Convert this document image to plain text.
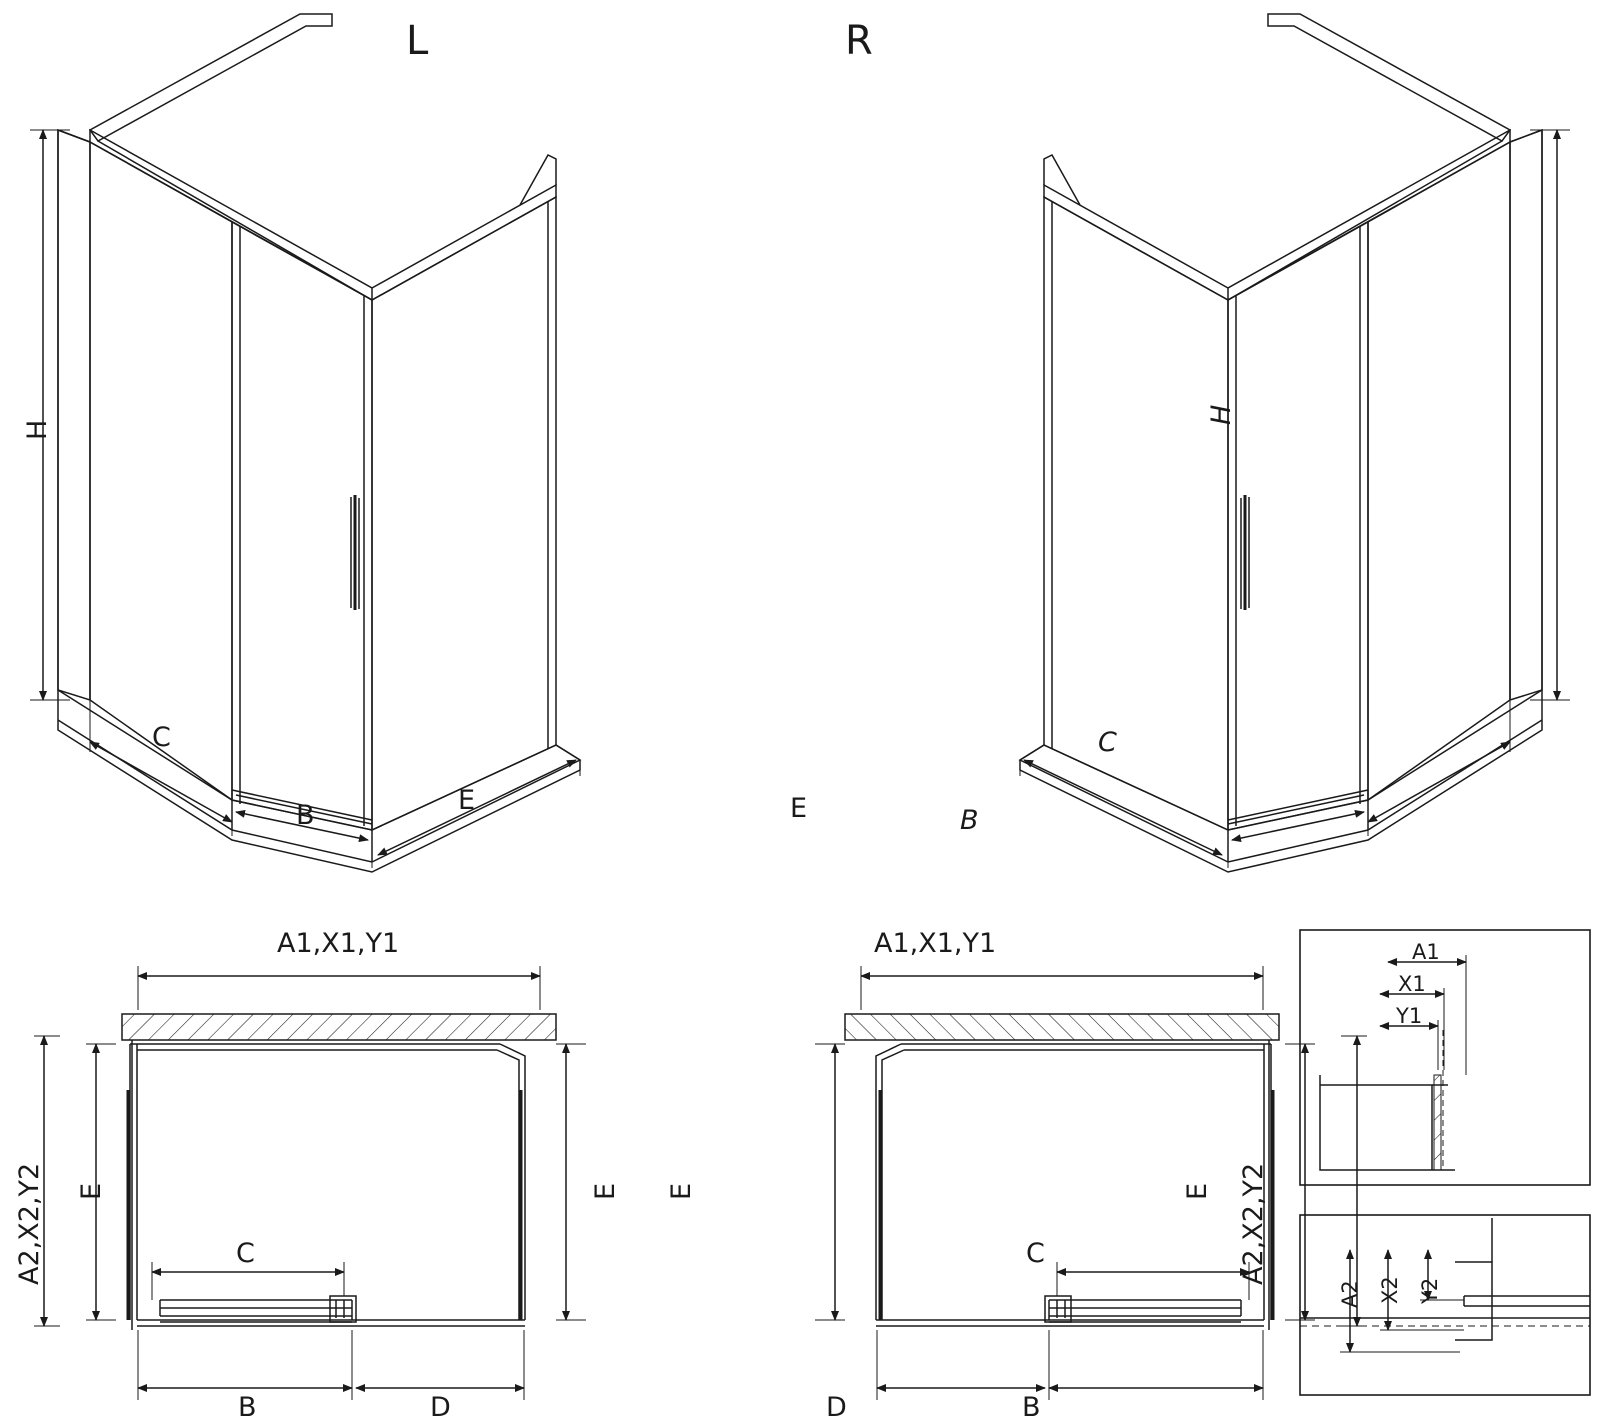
L	R
H
H
C
B	E
C
B
E
A1,X1,Y1
A2,X2,Y2 E	E
C
B	D
A1,X1,Y1
A2,X2,Y2
E	E
C
B
D
A1
X1
Y1
A2 X2 Y2
